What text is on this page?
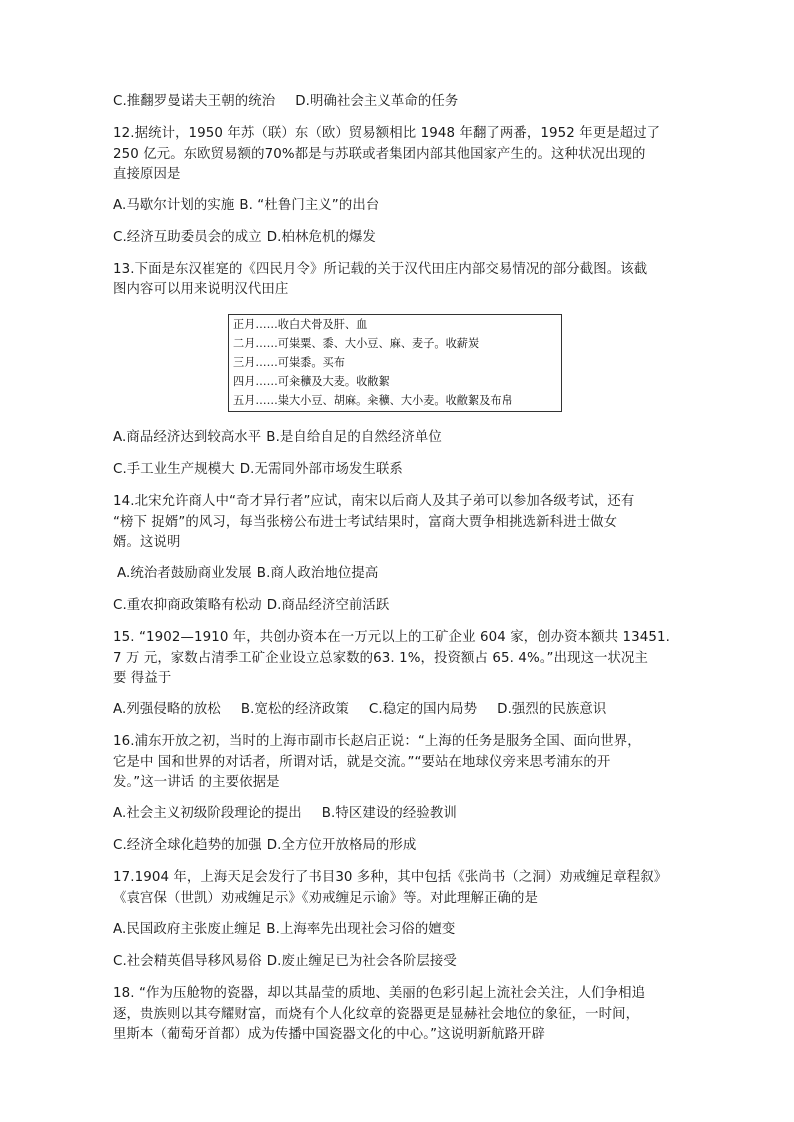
C.推翻罗曼诺夫王朝的统治 D.明确社会主义革命的任务
12.据统计，1950 年苏（联）东（欧）贸易额相比 1948 年翻了两番，1952 年更是超过了
250 亿元。东欧贸易额的70%都是与苏联或者集团内部其他国家产生的。这种状况出现的
直接原因是
A.马歇尔计划的实施 B. “杜鲁门主义”的出台
C.经济互助委员会的成立 D.柏林危机的爆发
13.下面是东汉崔寔的《四民月令》所记载的关于汉代田庄内部交易情况的部分截图。该截
图内容可以用来说明汉代田庄
正月……收白犬骨及肝、血
二月……可粜粟、黍、大小豆、麻、麦子。收薪炭
三月……可粜黍。买布
四月……可籴穬及大麦。收敝絮
五月……粜大小豆、胡麻。籴穬、大小麦。收敝絮及布帛
A.商品经济达到较高水平 B.是自给自足的自然经济单位
C.手工业生产规模大 D.无需同外部市场发生联系
14.北宋允许商人中“奇才异行者”应试，南宋以后商人及其子弟可以参加各级考试，还有
“榜下 捉婿”的风习，每当张榜公布进士考试结果时，富商大贾争相挑选新科进士做女
婿。这说明
A.统治者鼓励商业发展 B.商人政治地位提高
C.重农抑商政策略有松动 D.商品经济空前活跃
15. “1902—1910 年，共创办资本在一万元以上的工矿企业 604 家，创办资本额共 13451.
7 万 元，家数占清季工矿企业设立总家数的63. 1%，投资额占 65. 4%。”出现这一状况主
要 得益于
A.列强侵略的放松 B.宽松的经济政策 C.稳定的国内局势 D.强烈的民族意识
16.浦东开放之初，当时的上海市副市长赵启正说：“上海的任务是服务全国、面向世界，
它是中 国和世界的对话者，所谓对话，就是交流。”“要站在地球仪旁来思考浦东的开
发。”这一讲话 的主要依据是
A.社会主义初级阶段理论的提出 B.特区建设的经验教训
C.经济全球化趋势的加强 D.全方位开放格局的形成
17.1904 年，上海天足会发行了书目30 多种，其中包括《张尚书（之洞）劝戒缠足章程叙》
《袁宫保（世凯）劝戒缠足示》《劝戒缠足示谕》等。对此理解正确的是
A.民国政府主张废止缠足 B.上海率先出现社会习俗的嬗变
C.社会精英倡导移风易俗 D.废止缠足已为社会各阶层接受
18. “作为压舱物的瓷器，却以其晶莹的质地、美丽的色彩引起上流社会关注，人们争相追
逐，贵族则以其夸耀财富，而烧有个人化纹章的瓷器更是显赫社会地位的象征，一时间，
里斯本（葡萄牙首都）成为传播中国瓷器文化的中心。”这说明新航路开辟
